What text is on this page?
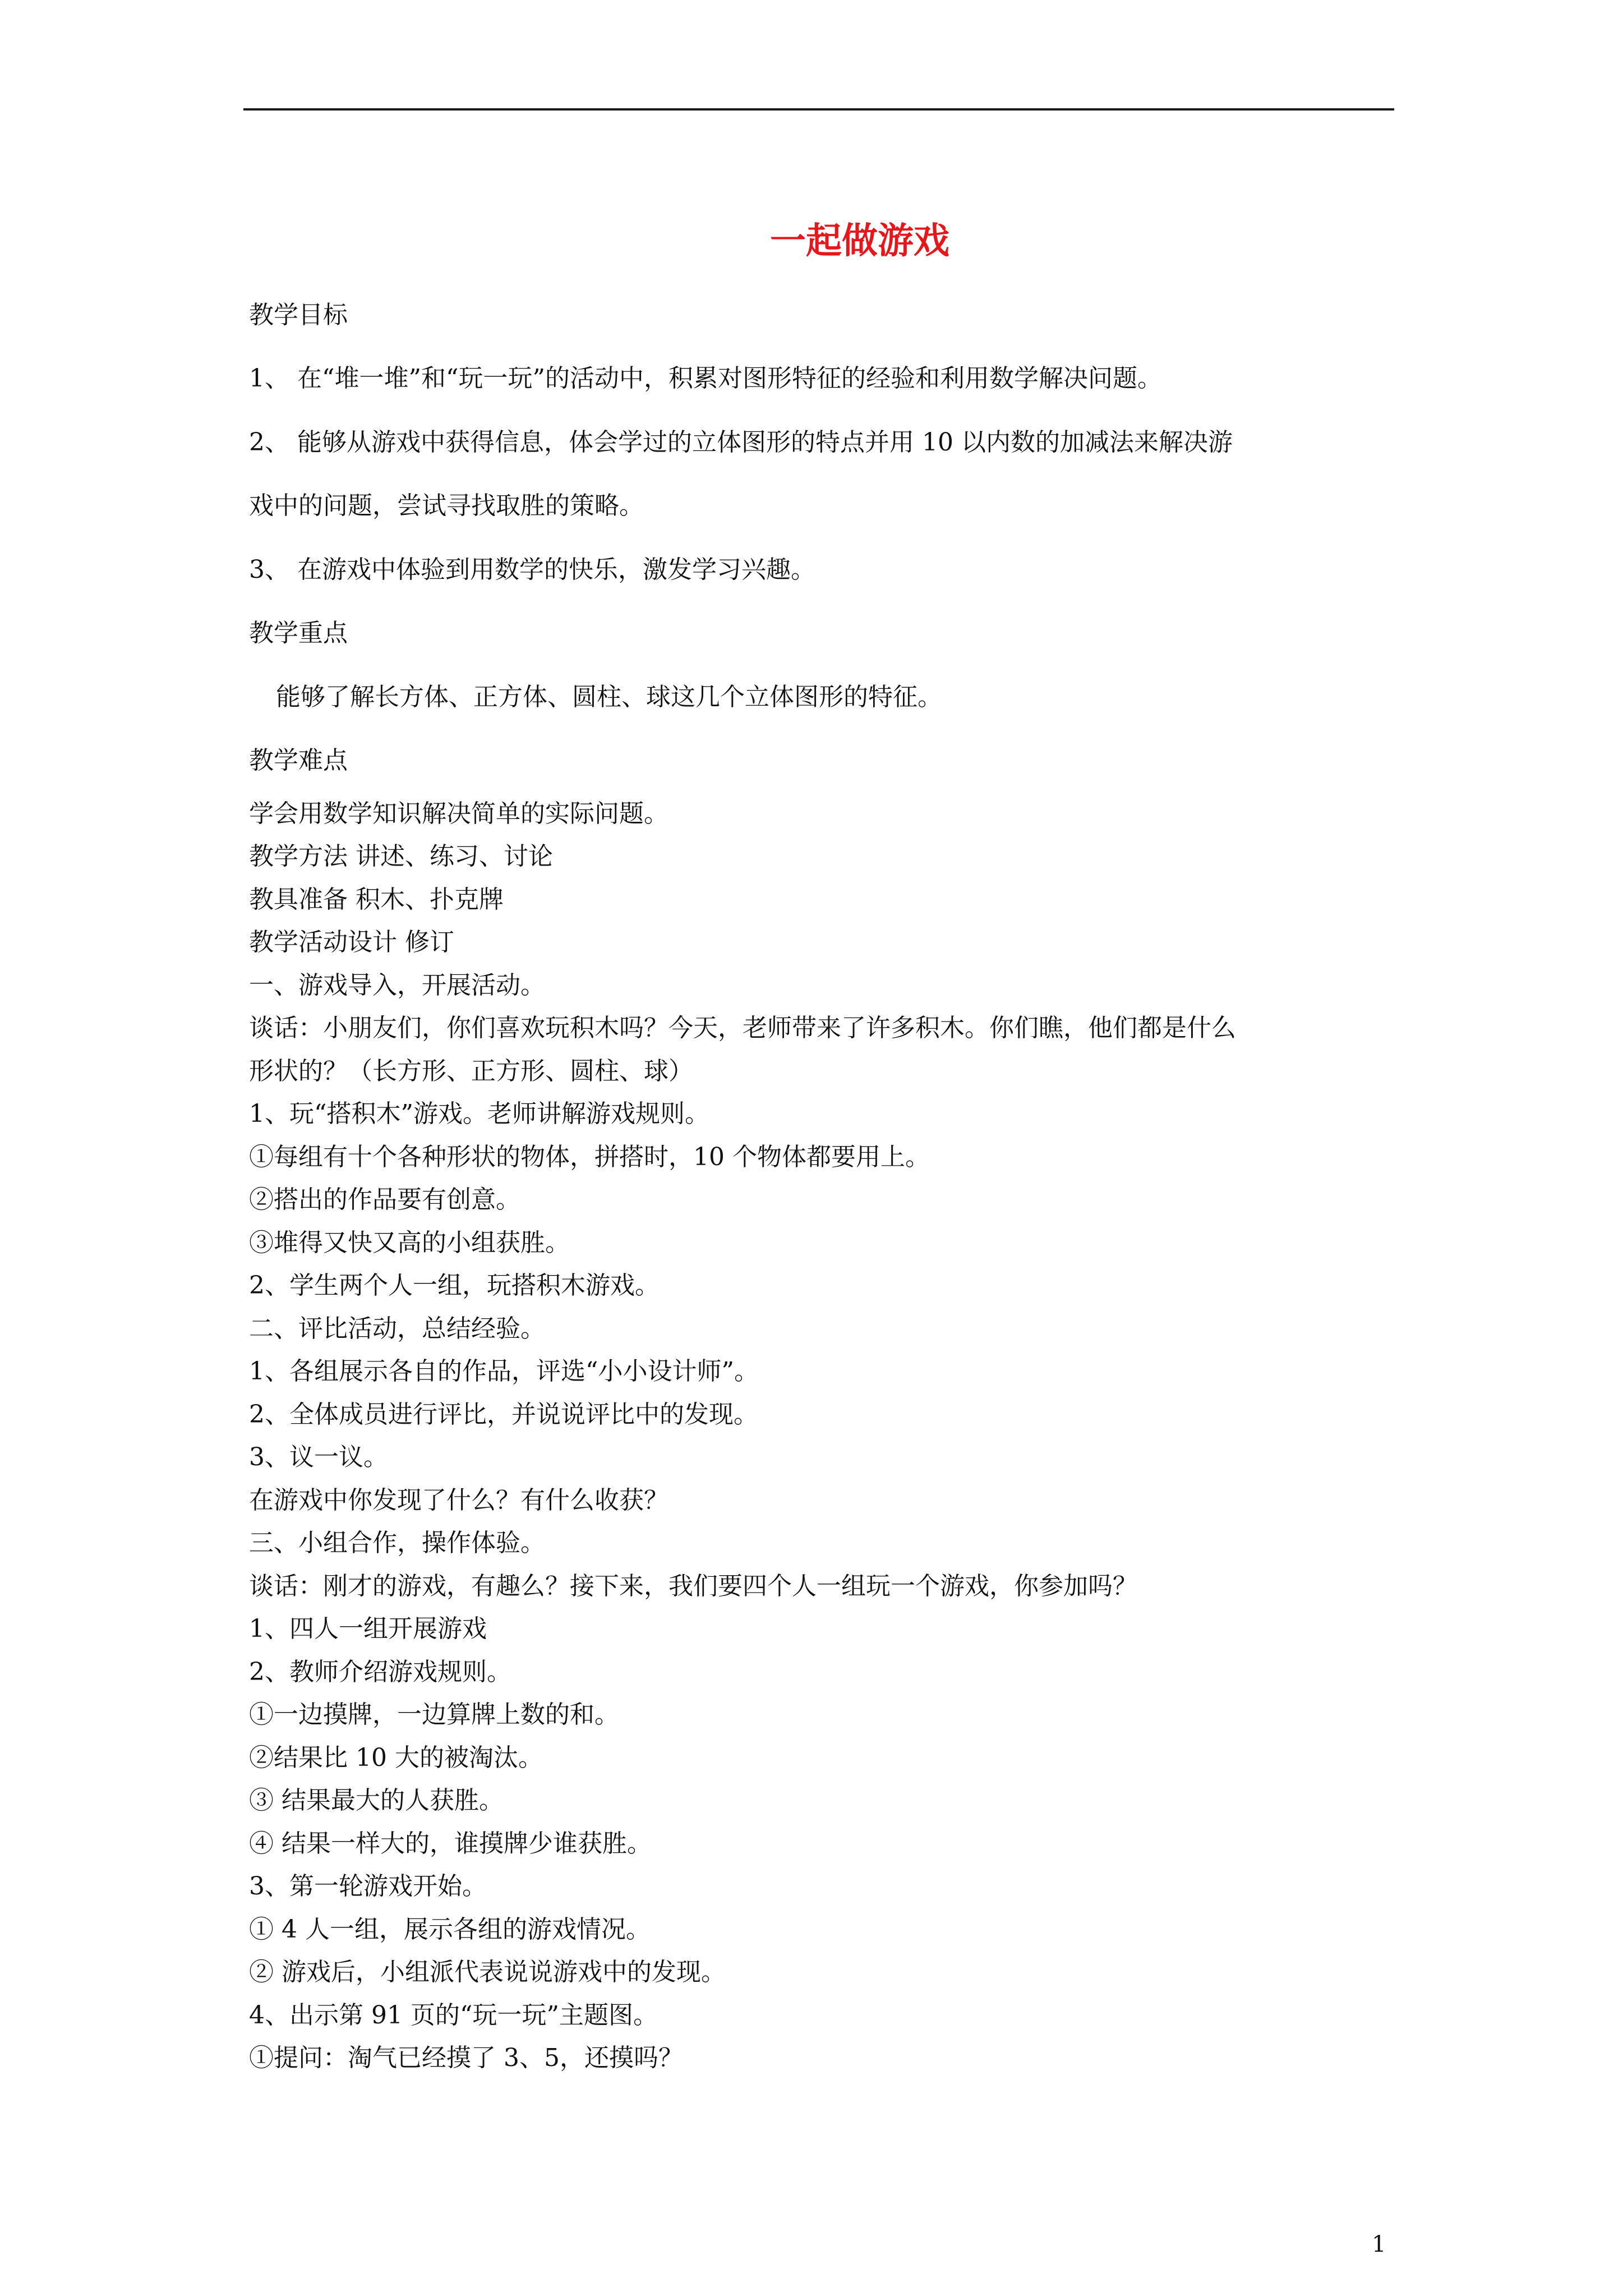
一起做游戏
教学目标
1、 在“堆一堆”和“玩一玩”的活动中，积累对图形特征的经验和利用数学解决问题。
2、 能够从游戏中获得信息，体会学过的立体图形的特点并用 10 以内数的加减法来解决游
戏中的问题，尝试寻找取胜的策略。
3、 在游戏中体验到用数学的快乐，激发学习兴趣。
教学重点
能够了解长方体、正方体、圆柱、球这几个立体图形的特征。
教学难点
学会用数学知识解决简单的实际问题。
教学方法 讲述、练习、讨论
教具准备 积木、扑克牌
教学活动设计 修订
一、游戏导入，开展活动。
谈话：小朋友们，你们喜欢玩积木吗？今天，老师带来了许多积木。你们瞧，他们都是什么
形状的？（长方形、正方形、圆柱、球）
1、玩“搭积木”游戏。老师讲解游戏规则。
①每组有十个各种形状的物体，拼搭时，10 个物体都要用上。
②搭出的作品要有创意。
③堆得又快又高的小组获胜。
2、学生两个人一组，玩搭积木游戏。
二、评比活动，总结经验。
1、各组展示各自的作品，评选“小小设计师”。
2、全体成员进行评比，并说说评比中的发现。
3、议一议。
在游戏中你发现了什么？有什么收获？
三、小组合作，操作体验。
谈话：刚才的游戏，有趣么？接下来，我们要四个人一组玩一个游戏，你参加吗？
1、四人一组开展游戏
2、教师介绍游戏规则。
①一边摸牌，一边算牌上数的和。
②结果比 10 大的被淘汰。
③ 结果最大的人获胜。
④ 结果一样大的，谁摸牌少谁获胜。
3、第一轮游戏开始。
① 4 人一组，展示各组的游戏情况。
② 游戏后，小组派代表说说游戏中的发现。
4、出示第 91 页的“玩一玩”主题图。
①提问：淘气已经摸了 3、5，还摸吗？
1
